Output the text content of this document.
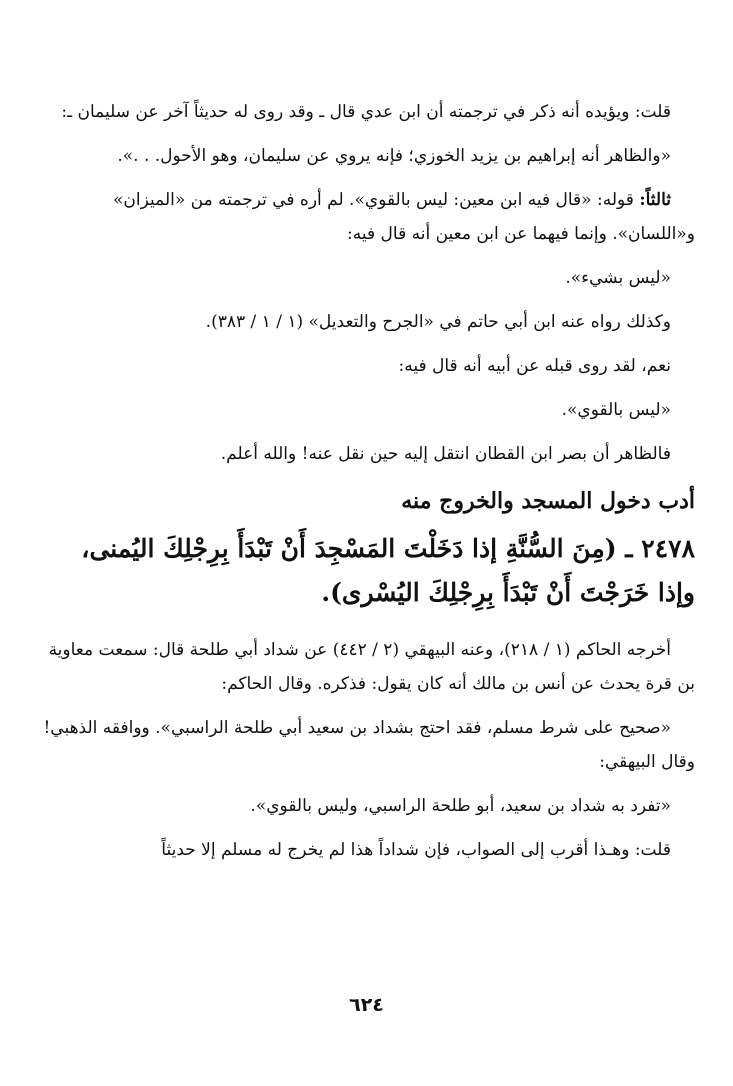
قلت: ويؤيده أنه ذكر في ترجمته أن ابن عدي قال ـ وقد روى له حديثاً آخر عن سليمان ـ:

«والظاهر أنه إبراهيم بن يزيد الخوزي؛ فإنه يروي عن سليمان، وهو الأحول. . .».

ثالثاً: قوله: «قال فيه ابن معين: ليس بالقوي». لم أره في ترجمته من «الميزان» و«اللسان». وإنما فيهما عن ابن معين أنه قال فيه:

«ليس بشيء».

وكذلك رواه عنه ابن أبي حاتم في «الجرح والتعديل» (١ / ١ / ٣٨٣).

نعم، لقد روى قبله عن أبيه أنه قال فيه:

«ليس بالقوي».

فالظاهر أن بصر ابن القطان انتقل إليه حين نقل عنه! والله أعلم.

أدب دخول المسجد والخروج منه
٢٤٧٨ ـ (مِنَ السُّنَّةِ إذا دَخَلْتَ المَسْجِدَ أَنْ تَبْدَأَ بِرِجْلِكَ اليُمنى، وإذا خَرَجْتَ أَنْ تَبْدَأَ بِرِجْلِكَ اليُسْرى).

أخرجه الحاكم (١ / ٢١٨)، وعنه البيهقي (٢ / ٤٤٢) عن شداد أبي طلحة قال: سمعت معاوية بن قرة يحدث عن أنس بن مالك أنه كان يقول: فذكره. وقال الحاكم:

«صحيح على شرط مسلم، فقد احتج بشداد بن سعيد أبي طلحة الراسبي». ووافقه الذهبي! وقال البيهقي:

«تفرد به شداد بن سعيد، أبو طلحة الراسبي، وليس بالقوي».

قلت: وهـذا أقرب إلى الصواب، فإن شداداً هذا لم يخرج له مسلم إلا حديثاً

٦٢٤
